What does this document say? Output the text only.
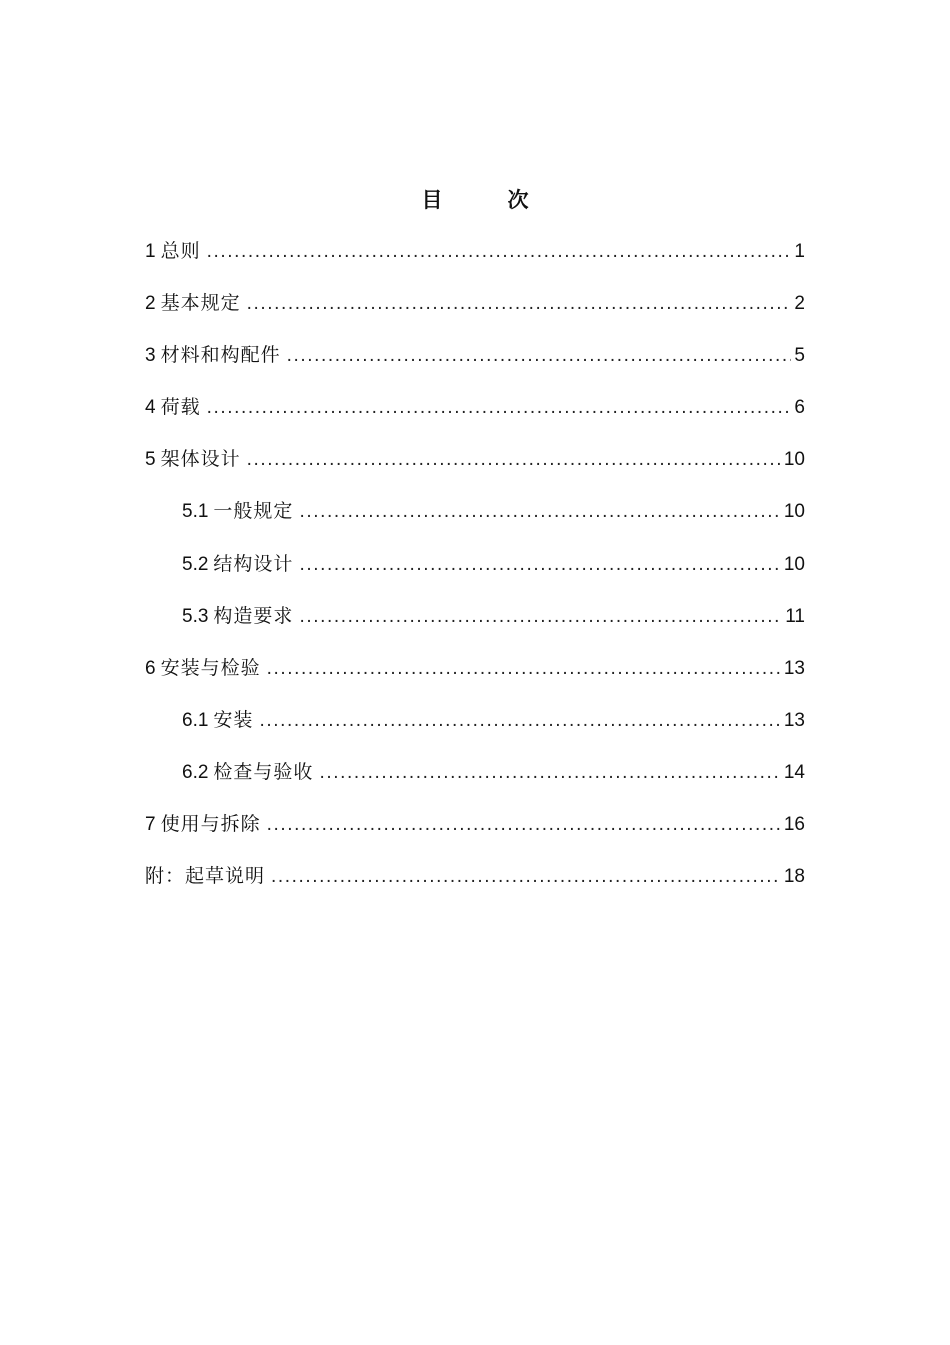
目　次
1 总则 .....	1
2 基本规定 .....	2
3 材料和构配件 .....	5
4 荷载 .....	6
5 架体设计 .....	10
5.1 一般规定 .....	10
5.2 结构设计 .....	10
5.3 构造要求 .....	11
6 安装与检验 .....	13
6.1 安装 .....	13
6.2 检查与验收 .....	14
7 使用与拆除 .....	16
附：起草说明 .....	18
